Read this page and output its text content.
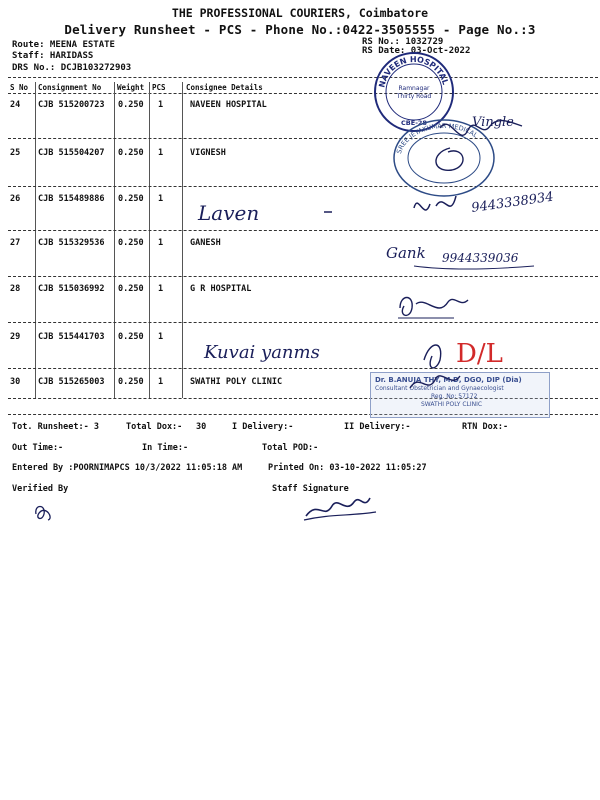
THE PROFESSIONAL COURIERS, Coimbatore
Delivery Runsheet - PCS - Phone No.:0422-3505555 - Page No.:3
Route: MEENA ESTATE
Staff: HARIDASS
DRS No.: DCJB103272903
RS No.: 1032729
RS Date: 03-Oct-2022
S No Consignment No Weight PCS	Consignee Details
24 CJB 515200723 0.250 1	NAVEEN HOSPITAL
25 CJB 515504207 0.250 1	VIGNESH
26 CJB 515489886 0.250 1
27 CJB 515329536 0.250 1	GANESH
28 CJB 515036992 0.250 1	G R HOSPITAL
29 CJB 515441703 0.250 1
30 CJB 515265003 0.250 1	SWATHI POLY CLINIC
NAVEEN HOSPITAL
Ramnagar
Thirty Road
CBE-28
SREE JEYAKUMAR MEDICAL
Dr. B.ANUJA THY, M.D, DGO, DIP (Dia)
Consultant Obstetrician and Gynaecologist
Reg. No: 57172
SWATHI POLY CLINIC
Vingle
Laven	9443338934
Gank 9944339036
Kuvai yanms	D/L
Tot. Runsheet:- 3	Total Dox:- 30	I Delivery:-	II Delivery:-	RTN Dox:-
Out Time:-	In Time:-	Total POD:-
Entered By :POORNIMAPCS 10/3/2022 11:05:18 AM	Printed On: 03-10-2022 11:05:27
Verified By	Staff Signature
